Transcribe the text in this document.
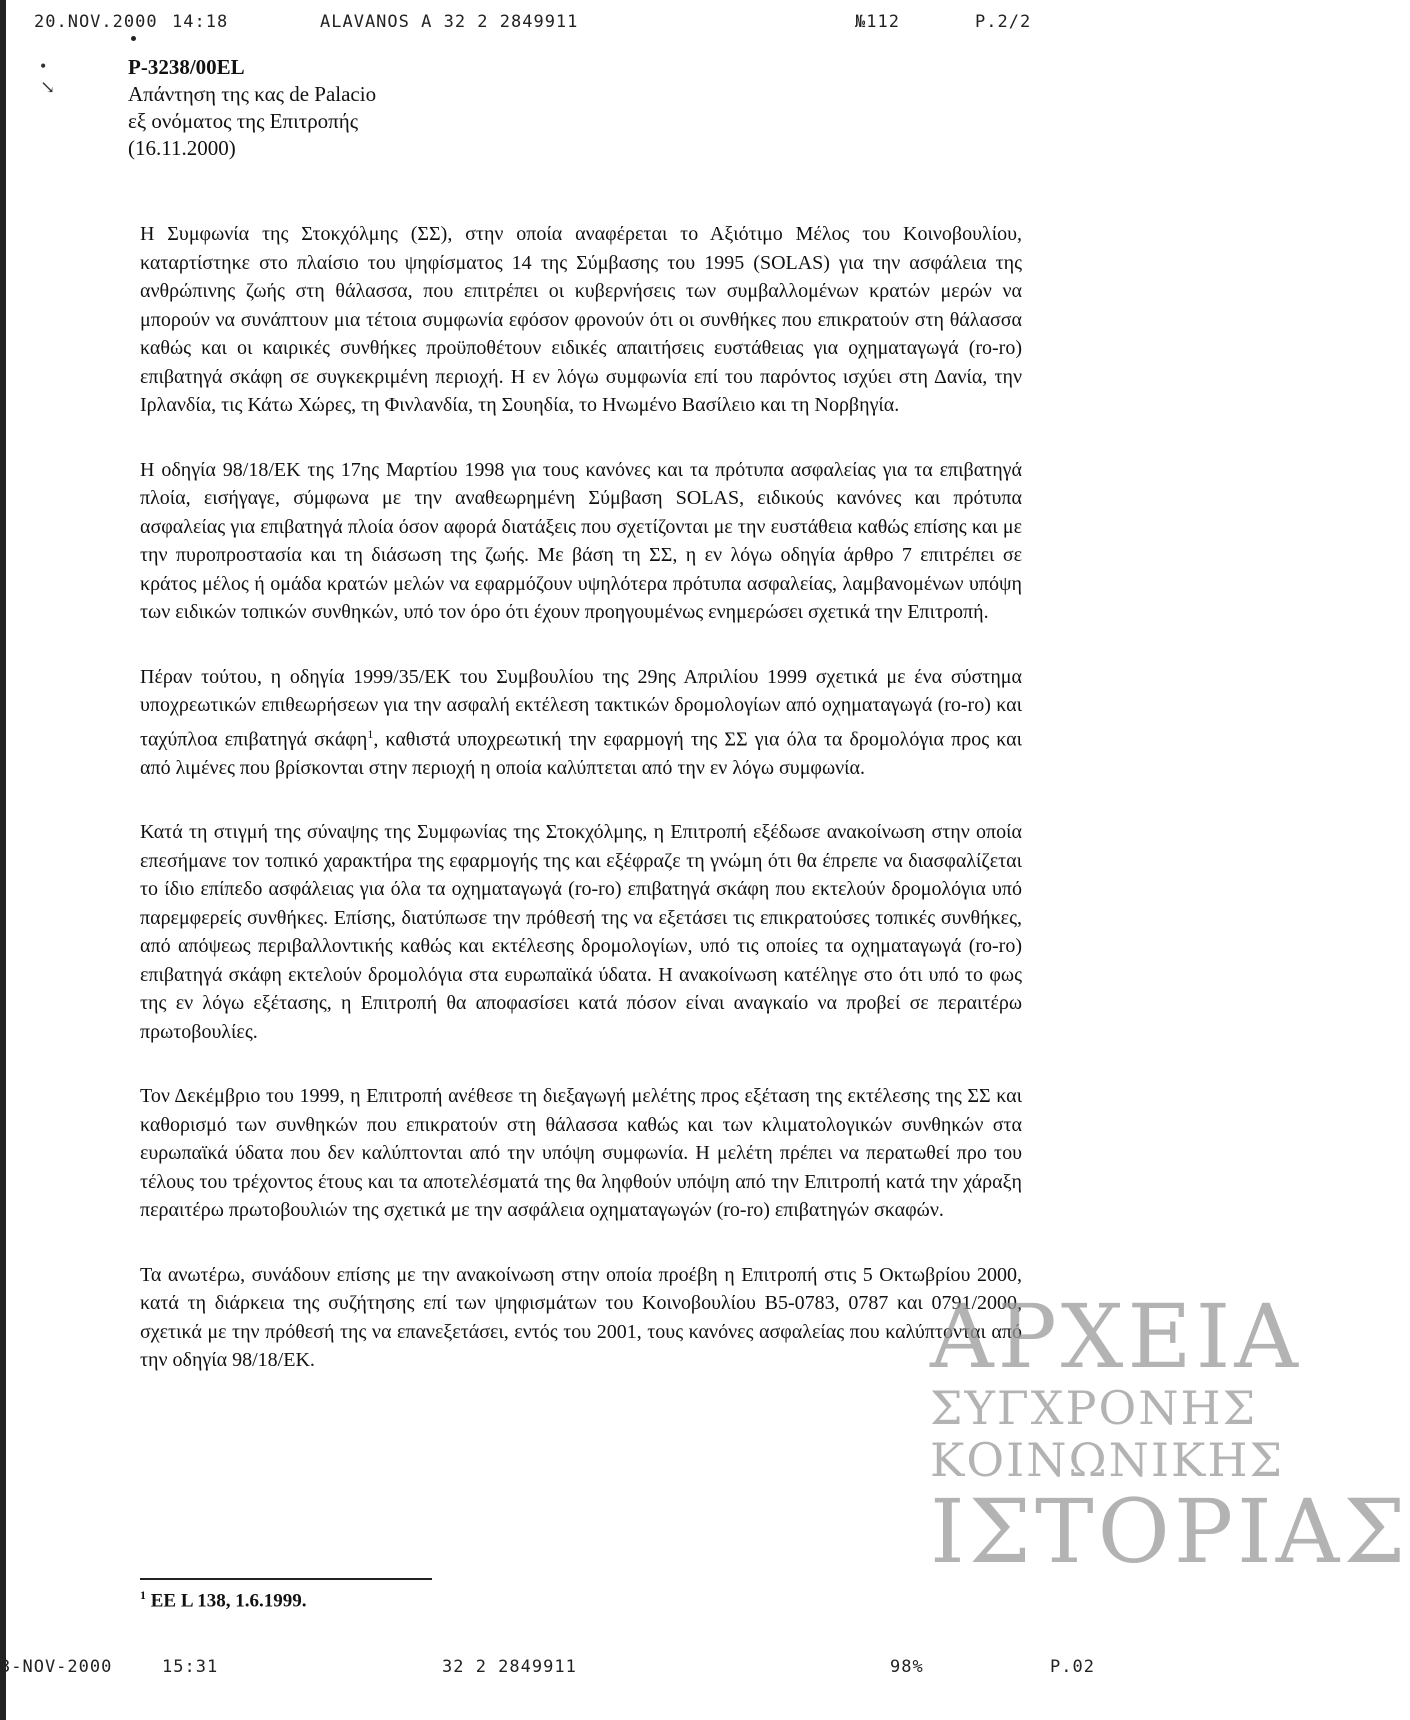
20.NOV.2000 14:18	ALAVANOS A 32 2 2849911	№112	P.2/2
•
↘
P-3238/00EL
Απάντηση της κας de Palacio
εξ ονόματος της Επιτροπής
(16.11.2000)

Η Συμφωνία της Στοκχόλμης (ΣΣ), στην οποία αναφέρεται το Αξιότιμο Μέλος του Κοινοβουλίου, καταρτίστηκε στο πλαίσιο του ψηφίσματος 14 της Σύμβασης του 1995 (SOLAS) για την ασφάλεια της ανθρώπινης ζωής στη θάλασσα, που επιτρέπει οι κυβερνήσεις των συμβαλλομένων κρατών μερών να μπορούν να συνάπτουν μια τέτοια συμφωνία εφόσον φρονούν ότι οι συνθήκες που επικρατούν στη θάλασσα καθώς και οι καιρικές συνθήκες προϋποθέτουν ειδικές απαιτήσεις ευστάθειας για οχηματαγωγά (ro-ro) επιβατηγά σκάφη σε συγκεκριμένη περιοχή. Η εν λόγω συμφωνία επί του παρόντος ισχύει στη Δανία, την Ιρλανδία, τις Κάτω Χώρες, τη Φινλανδία, τη Σουηδία, το Ηνωμένο Βασίλειο και τη Νορβηγία.

Η οδηγία 98/18/ΕΚ της 17ης Μαρτίου 1998 για τους κανόνες και τα πρότυπα ασφαλείας για τα επιβατηγά πλοία, εισήγαγε, σύμφωνα με την αναθεωρημένη Σύμβαση SOLAS, ειδικούς κανόνες και πρότυπα ασφαλείας για επιβατηγά πλοία όσον αφορά διατάξεις που σχετίζονται με την ευστάθεια καθώς επίσης και με την πυροπροστασία και τη διάσωση της ζωής. Με βάση τη ΣΣ, η εν λόγω οδηγία άρθρο 7 επιτρέπει σε κράτος μέλος ή ομάδα κρατών μελών να εφαρμόζουν υψηλότερα πρότυπα ασφαλείας, λαμβανομένων υπόψη των ειδικών τοπικών συνθηκών, υπό τον όρο ότι έχουν προηγουμένως ενημερώσει σχετικά την Επιτροπή.

Πέραν τούτου, η οδηγία 1999/35/ΕΚ του Συμβουλίου της 29ης Απριλίου 1999 σχετικά με ένα σύστημα υποχρεωτικών επιθεωρήσεων για την ασφαλή εκτέλεση τακτικών δρομολογίων από οχηματαγωγά (ro-ro) και ταχύπλοα επιβατηγά σκάφη$^1$, καθιστά υποχρεωτική την εφαρμογή της ΣΣ για όλα τα δρομολόγια προς και από λιμένες που βρίσκονται στην περιοχή η οποία καλύπτεται από την εν λόγω συμφωνία.

Κατά τη στιγμή της σύναψης της Συμφωνίας της Στοκχόλμης, η Επιτροπή εξέδωσε ανακοίνωση στην οποία επεσήμανε τον τοπικό χαρακτήρα της εφαρμογής της και εξέφραζε τη γνώμη ότι θα έπρεπε να διασφαλίζεται το ίδιο επίπεδο ασφάλειας για όλα τα οχηματαγωγά (ro-ro) επιβατηγά σκάφη που εκτελούν δρομολόγια υπό παρεμφερείς συνθήκες. Επίσης, διατύπωσε την πρόθεσή της να εξετάσει τις επικρατούσες τοπικές συνθήκες, από απόψεως περιβαλλοντικής καθώς και εκτέλεσης δρομολογίων, υπό τις οποίες τα οχηματαγωγά (ro-ro) επιβατηγά σκάφη εκτελούν δρομολόγια στα ευρωπαϊκά ύδατα. Η ανακοίνωση κατέληγε στο ότι υπό το φως της εν λόγω εξέτασης, η Επιτροπή θα αποφασίσει κατά πόσον είναι αναγκαίο να προβεί σε περαιτέρω πρωτοβουλίες.

Τον Δεκέμβριο του 1999, η Επιτροπή ανέθεσε τη διεξαγωγή μελέτης προς εξέταση της εκτέλεσης της ΣΣ και καθορισμό των συνθηκών που επικρατούν στη θάλασσα καθώς και των κλιματολογικών συνθηκών στα ευρωπαϊκά ύδατα που δεν καλύπτονται από την υπόψη συμφωνία. Η μελέτη πρέπει να περατωθεί προ του τέλους του τρέχοντος έτους και τα αποτελέσματά της θα ληφθούν υπόψη από την Επιτροπή κατά την χάραξη περαιτέρω πρωτοβουλιών της σχετικά με την ασφάλεια οχηματαγωγών (ro-ro) επιβατηγών σκαφών.

Τα ανωτέρω, συνάδουν επίσης με την ανακοίνωση στην οποία προέβη η Επιτροπή στις 5 Οκτωβρίου 2000, κατά τη διάρκεια της συζήτησης επί των ψηφισμάτων του Κοινοβουλίου B5-0783, 0787 και 0791/2000, σχετικά με την πρόθεσή της να επανεξετάσει, εντός του 2001, τους κανόνες ασφαλείας που καλύπτονται από την οδηγία 98/18/ΕΚ.

$^1$ EE L 138, 1.6.1999.
ΑΡΧΕΙΑ
ΣΥΓΧΡΟΝΗΣ
ΚΟΙΝΩΝΙΚΗΣ
ΙΣΤΟΡΙΑΣ
3-NOV-2000	15:31	32 2 2849911	98%	P.02
